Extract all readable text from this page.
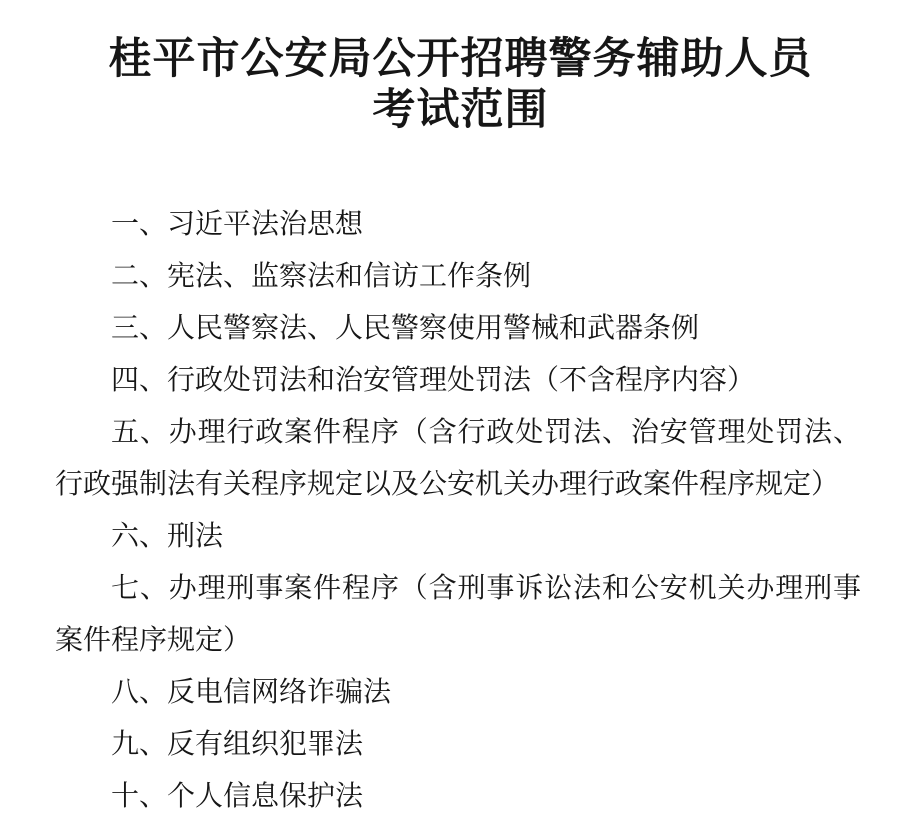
桂平市公安局公开招聘警务辅助人员
考试范围

一、习近平法治思想

二、宪法、监察法和信访工作条例

三、人民警察法、人民警察使用警械和武器条例

四、行政处罚法和治安管理处罚法（不含程序内容）

五、办理行政案件程序（含行政处罚法、治安管理处罚法、行政强制法有关程序规定以及公安机关办理行政案件程序规定）

六、刑法

七、办理刑事案件程序（含刑事诉讼法和公安机关办理刑事案件程序规定）

八、反电信网络诈骗法

九、反有组织犯罪法

十、个人信息保护法
